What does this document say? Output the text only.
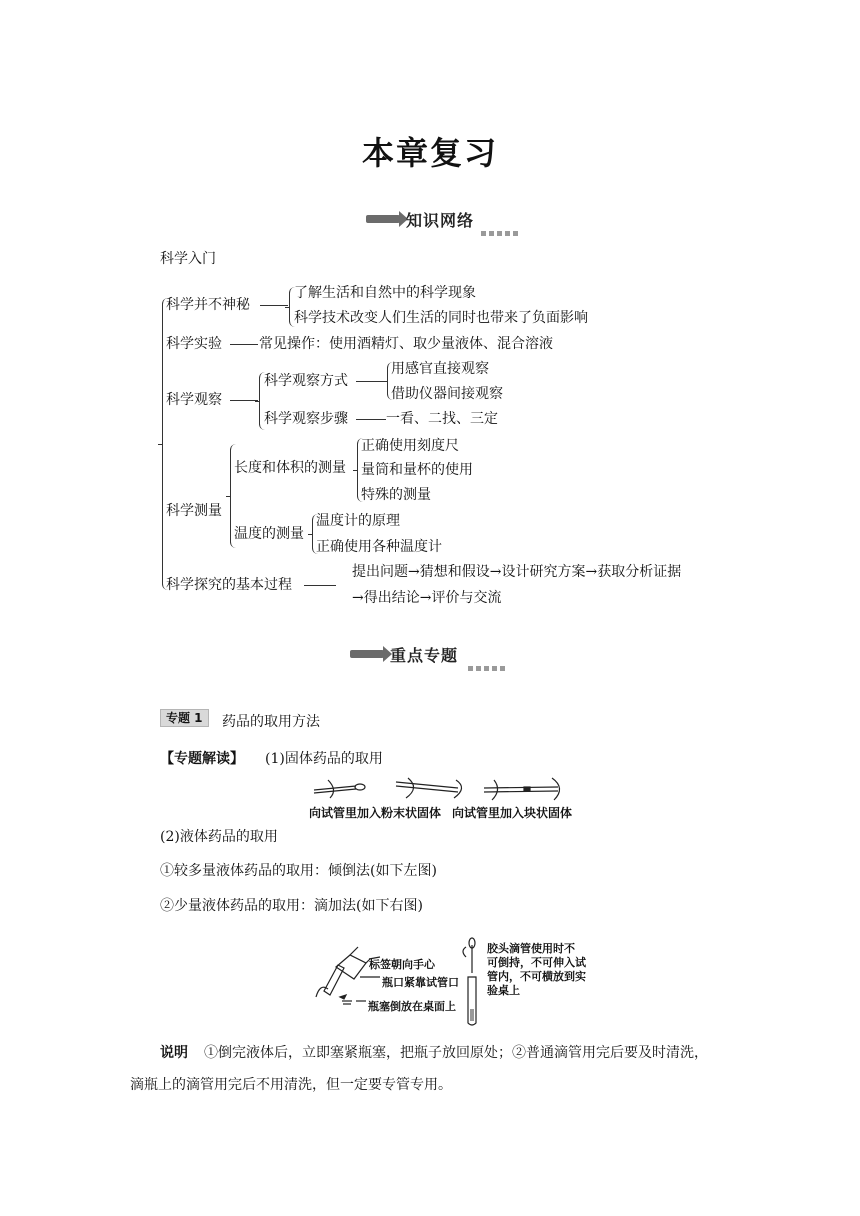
本章复习
知识网络
科学入门
科学并不神秘
了解生活和自然中的科学现象
科学技术改变人们生活的同时也带来了负面影响
科学实验	常见操作：使用酒精灯、取少量液体、混合溶液
科学观察
科学观察方式
用感官直接观察
借助仪器间接观察
科学观察步骤	一看、二找、三定
科学测量
长度和体积的测量
正确使用刻度尺
量筒和量杯的使用
特殊的测量
温度的测量
温度计的原理
正确使用各种温度计
科学探究的基本过程
提出问题→猜想和假设→设计研究方案→获取分析证据
→得出结论→评价与交流
重点专题
专题 1	药品的取用方法
【专题解读】 (1)固体药品的取用
向试管里加入粉末状固体 向试管里加入块状固体
(2)液体药品的取用
①较多量液体药品的取用：倾倒法(如下左图)
②少量液体药品的取用：滴加法(如下右图)
标签朝向手心
瓶口紧靠试管口
瓶塞倒放在桌面上
胶头滴管使用时不
可倒持，不可伸入试
管内，不可横放到实
验桌上
说明 ①倒完液体后，立即塞紧瓶塞，把瓶子放回原处；②普通滴管用完后要及时清洗，
滴瓶上的滴管用完后不用清洗，但一定要专管专用。
